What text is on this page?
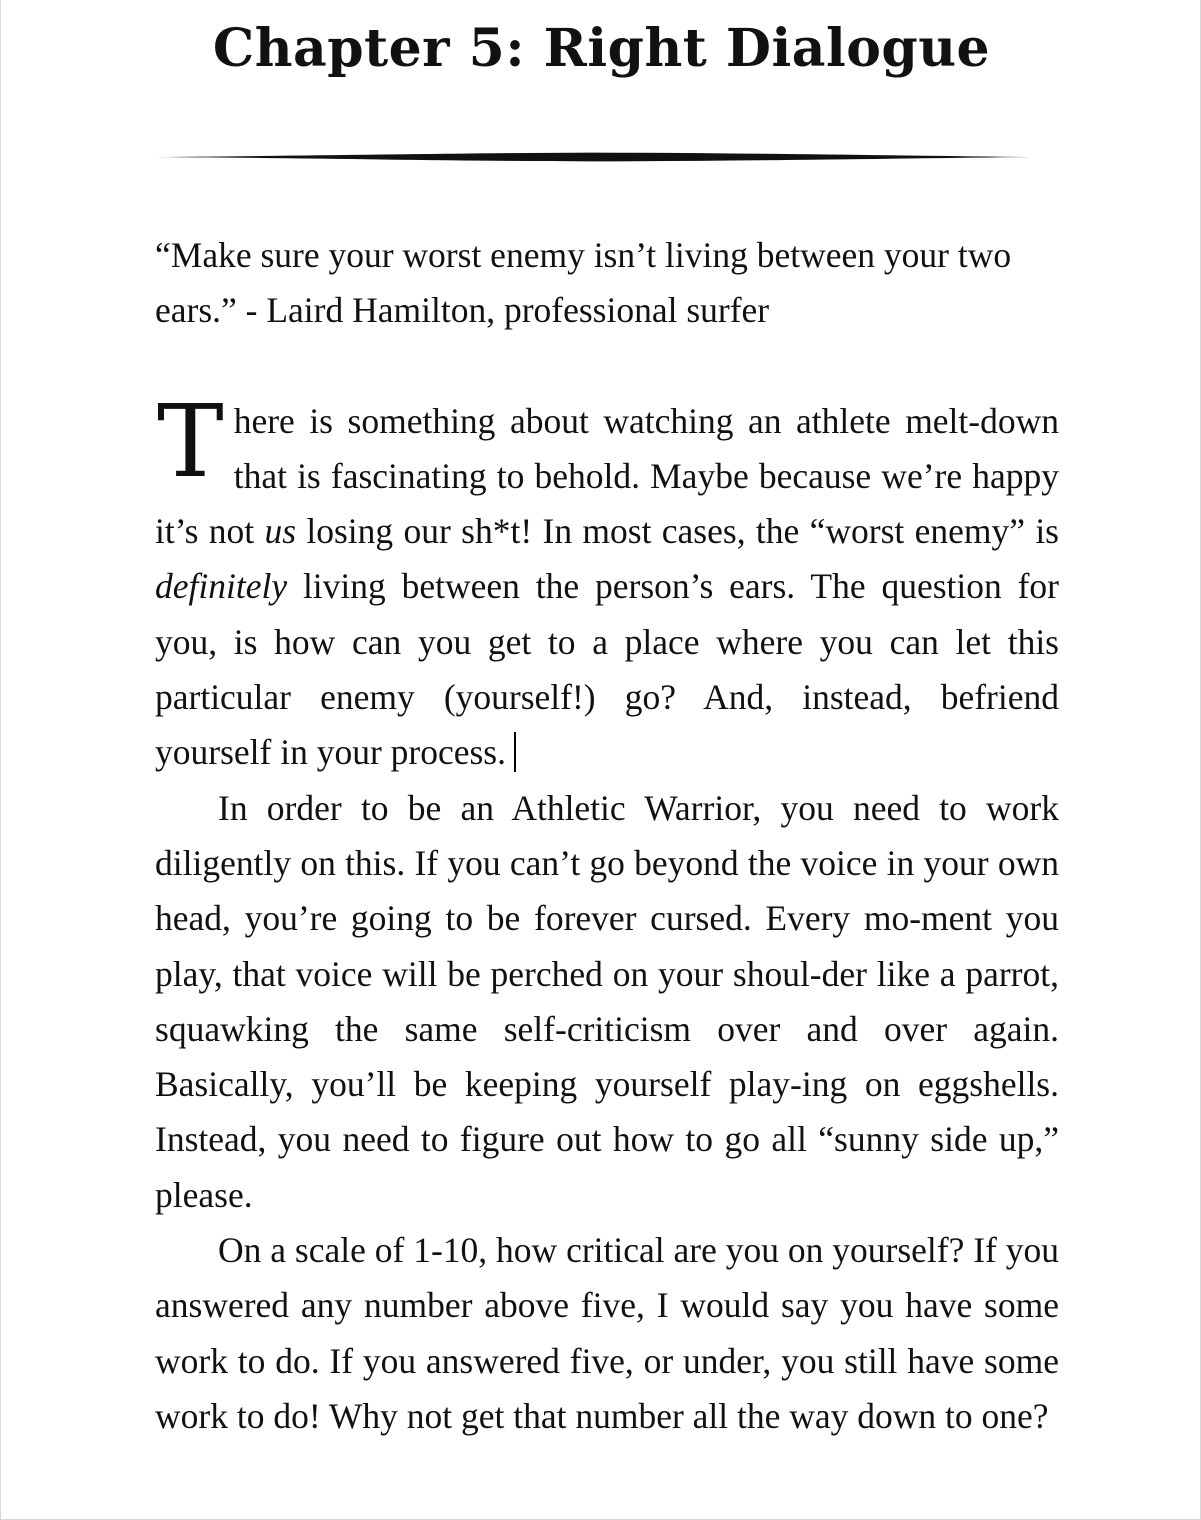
Chapter 5: Right Dialogue

“Make sure your worst enemy isn’t living between your two ears.” - Laird Hamilton, professional surfer

There is something about watching an athlete melt-down that is fascinating to behold. Maybe because we’re happy it’s not us losing our sh*t! In most cases, the “worst enemy” is definitely living between the person’s ears. The question for you, is how can you get to a place where you can let this particular enemy (yourself!) go? And, instead, befriend yourself in your process.

In order to be an Athletic Warrior, you need to work diligently on this. If you can’t go beyond the voice in your own head, you’re going to be forever cursed. Every mo-ment you play, that voice will be perched on your shoul-der like a parrot, squawking the same self-criticism over and over again. Basically, you’ll be keeping yourself play-ing on eggshells. Instead, you need to figure out how to go all “sunny side up,” please.

On a scale of 1-10, how critical are you on yourself? If you answered any number above five, I would say you have some work to do. If you answered five, or under, you still have some work to do! Why not get that number all the way down to one?
